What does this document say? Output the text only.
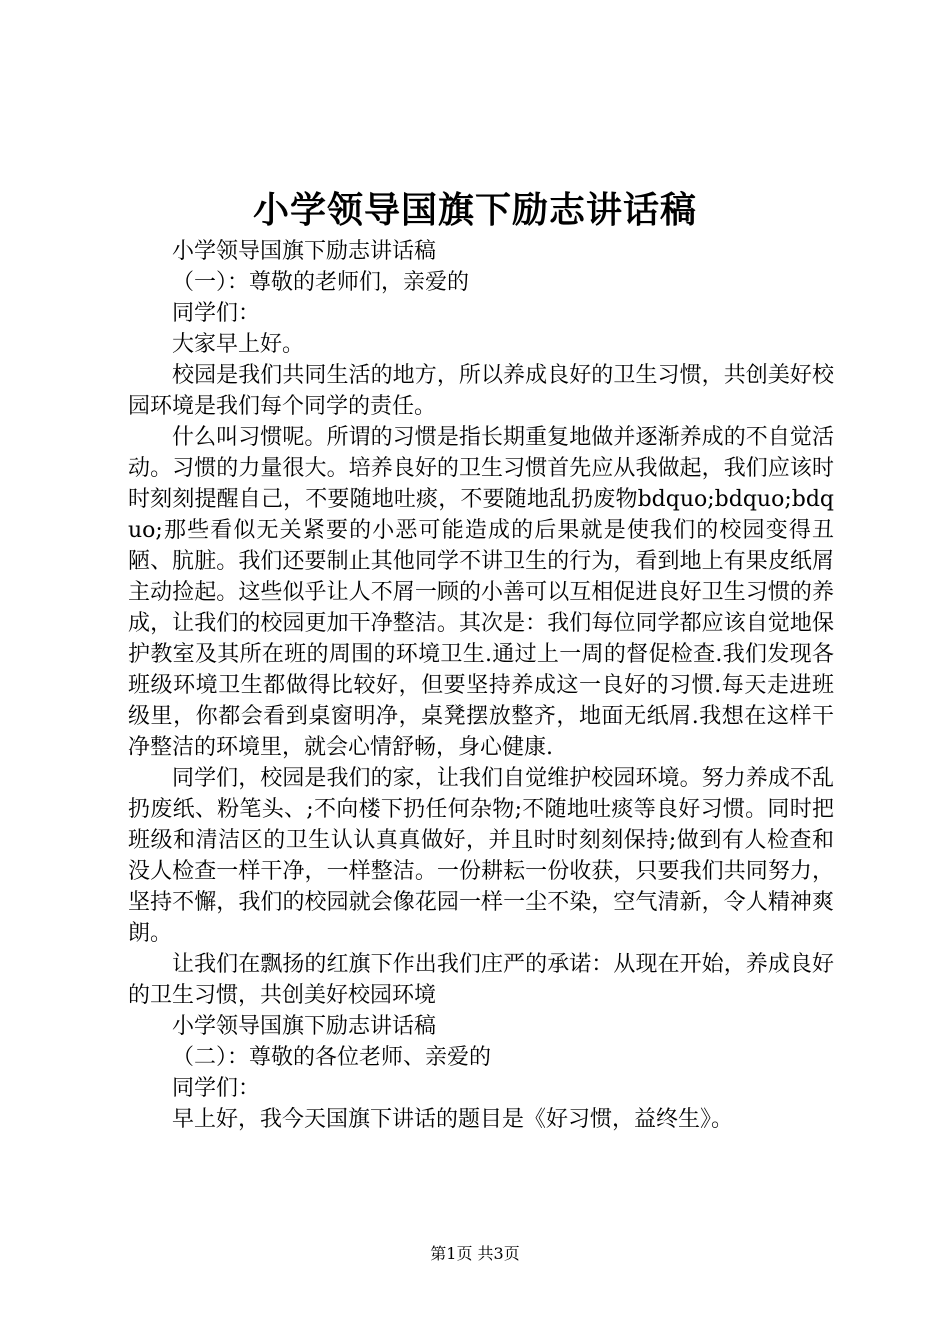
小学领导国旗下励志讲话稿

小学领导国旗下励志讲话稿

（一）：尊敬的老师们，亲爱的

同学们：

大家早上好。

校园是我们共同生活的地方，所以养成良好的卫生习惯，共创美好校园环境是我们每个同学的责任。

什么叫习惯呢。所谓的习惯是指长期重复地做并逐渐养成的不自觉活动。习惯的力量很大。培养良好的卫生习惯首先应从我做起，我们应该时时刻刻提醒自己，不要随地吐痰，不要随地乱扔废物bdquo;bdquo;bdquo;那些看似无关紧要的小恶可能造成的后果就是使我们的校园变得丑陋、肮脏。我们还要制止其他同学不讲卫生的行为，看到地上有果皮纸屑主动捡起。这些似乎让人不屑一顾的小善可以互相促进良好卫生习惯的养成，让我们的校园更加干净整洁。其次是：我们每位同学都应该自觉地保护教室及其所在班的周围的环境卫生.通过上一周的督促检查.我们发现各班级环境卫生都做得比较好，但要坚持养成这一良好的习惯.每天走进班级里，你都会看到桌窗明净，桌凳摆放整齐，地面无纸屑.我想在这样干净整洁的环境里，就会心情舒畅，身心健康.

同学们，校园是我们的家，让我们自觉维护校园环境。努力养成不乱扔废纸、粉笔头、;不向楼下扔任何杂物;不随地吐痰等良好习惯。同时把班级和清洁区的卫生认认真真做好，并且时时刻刻保持;做到有人检查和没人检查一样干净，一样整洁。一份耕耘一份收获，只要我们共同努力，坚持不懈，我们的校园就会像花园一样一尘不染，空气清新，令人精神爽朗。

让我们在飘扬的红旗下作出我们庄严的承诺：从现在开始，养成良好的卫生习惯，共创美好校园环境

小学领导国旗下励志讲话稿

（二）：尊敬的各位老师、亲爱的

同学们：

早上好，我今天国旗下讲话的题目是《好习惯，益终生》。

第1页 共3页
